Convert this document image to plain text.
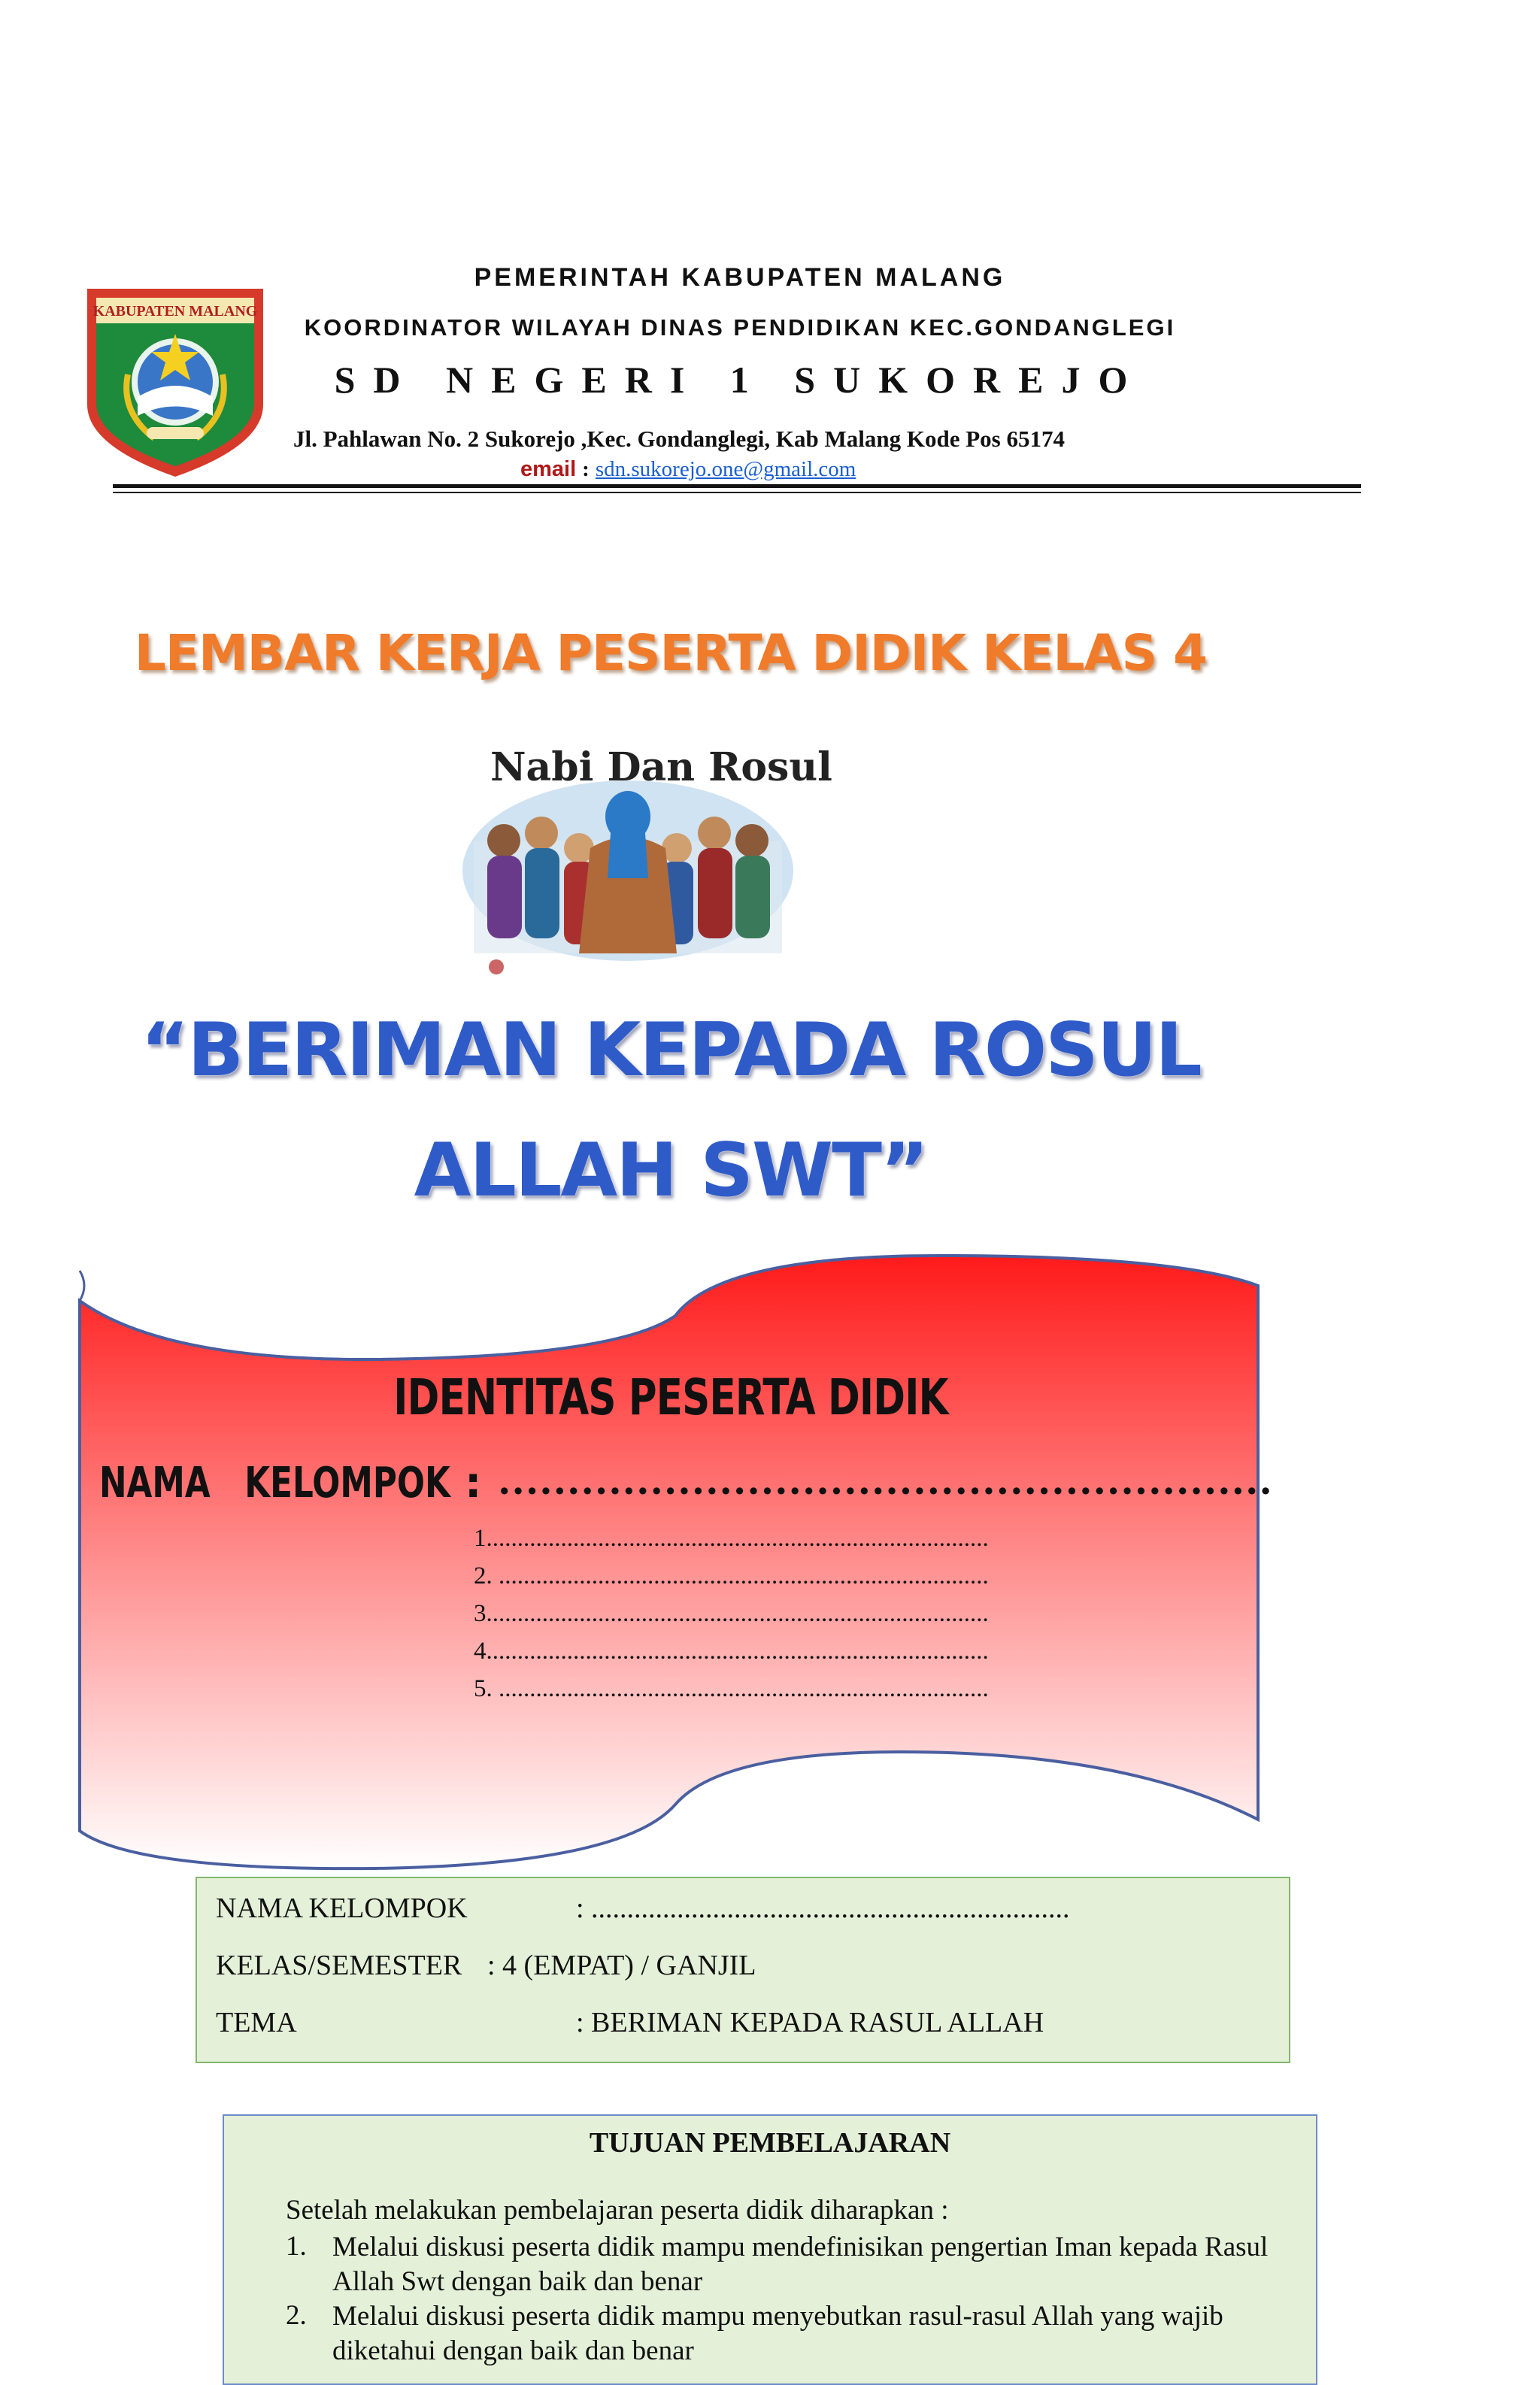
KABUPATEN MALANG
PEMERINTAH KABUPATEN MALANG
KOORDINATOR WILAYAH DINAS PENDIDIKAN KEC.GONDANGLEGI
SD NEGERI 1 SUKOREJO
Jl. Pahlawan No. 2 Sukorejo ,Kec. Gondanglegi, Kab Malang Kode Pos 65174
email : sdn.sukorejo.one@gmail.com
LEMBAR KERJA PESERTA DIDIK KELAS 4
Nabi Dan Rosul
“BERIMAN KEPADA ROSUL
ALLAH SWT”
IDENTITAS PESERTA DIDIK
NAMA   KELOMPOK : ........................................................
1.................................................................................
2. ...............................................................................
3.................................................................................
4.................................................................................
5. ...............................................................................
NAMA KELOMPOK	: ...................................................................
KELAS/SEMESTER : 4 (EMPAT) / GANJIL
TEMA	: BERIMAN KEPADA RASUL ALLAH
TUJUAN PEMBELAJARAN
Setelah melakukan pembelajaran peserta didik diharapkan :
1. Melalui diskusi peserta didik mampu mendefinisikan pengertian Iman kepada Rasul Allah Swt dengan baik dan benar
2. Melalui diskusi peserta didik mampu menyebutkan rasul-rasul Allah yang wajib diketahui dengan baik dan benar
